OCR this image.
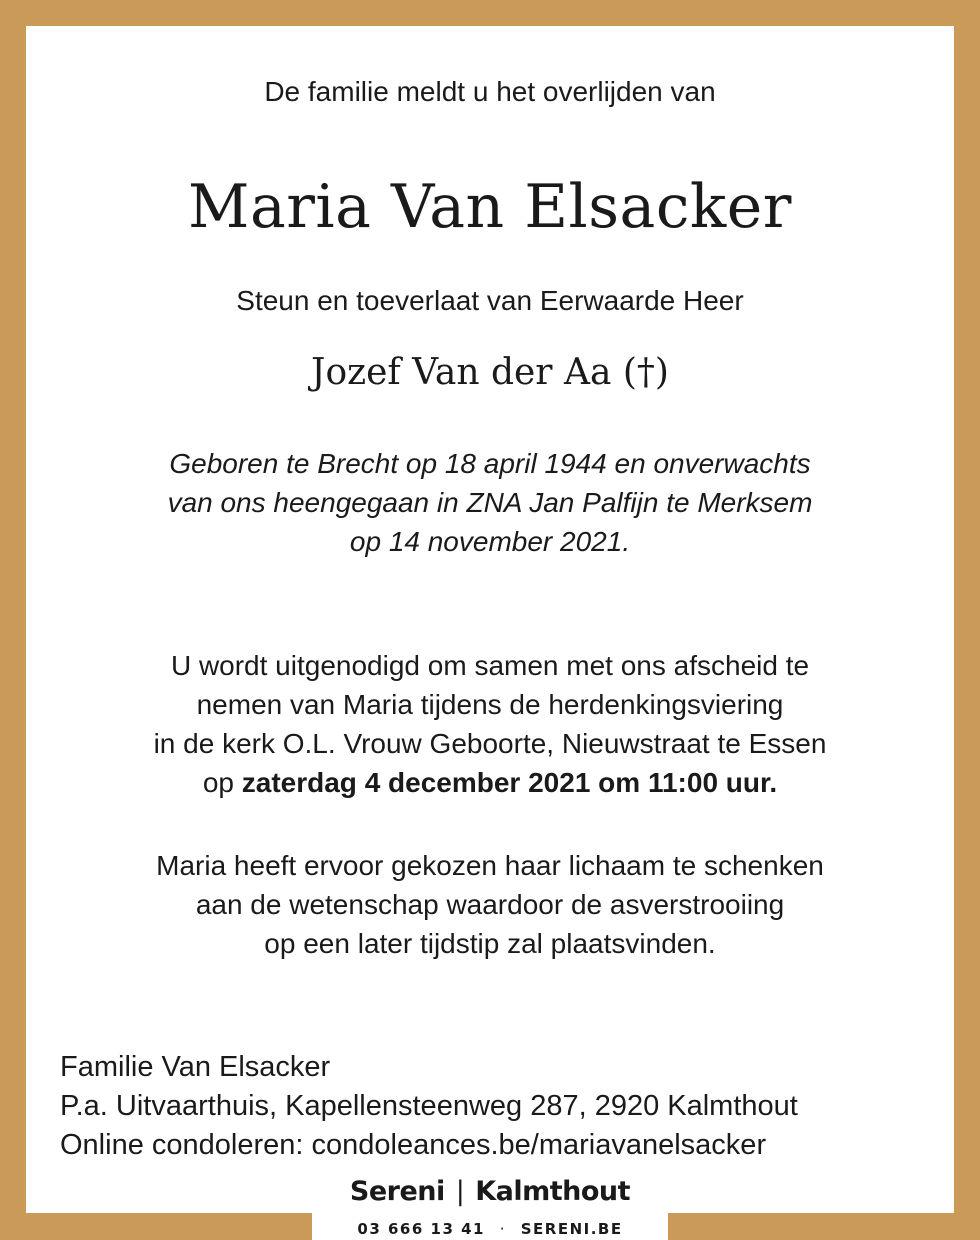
De familie meldt u het overlijden van
Maria Van Elsacker
Steun en toeverlaat van Eerwaarde Heer
Jozef Van der Aa (†)
Geboren te Brecht op 18 april 1944 en onverwachts
van ons heengegaan in ZNA Jan Palfijn te Merksem
op 14 november 2021.
U wordt uitgenodigd om samen met ons afscheid te
nemen van Maria tijdens de herdenkingsviering
in de kerk O.L. Vrouw Geboorte, Nieuwstraat te Essen
op zaterdag 4 december 2021 om 11:00 uur.
Maria heeft ervoor gekozen haar lichaam te schenken
aan de wetenschap waardoor de asverstrooiing
op een later tijdstip zal plaatsvinden.
Familie Van Elsacker
P.a. Uitvaarthuis, Kapellensteenweg 287, 2920 Kalmthout
Online condoleren: condoleances.be/mariavanelsacker
Sereni | Kalmthout
03 666 13 41 · SERENI.BE
